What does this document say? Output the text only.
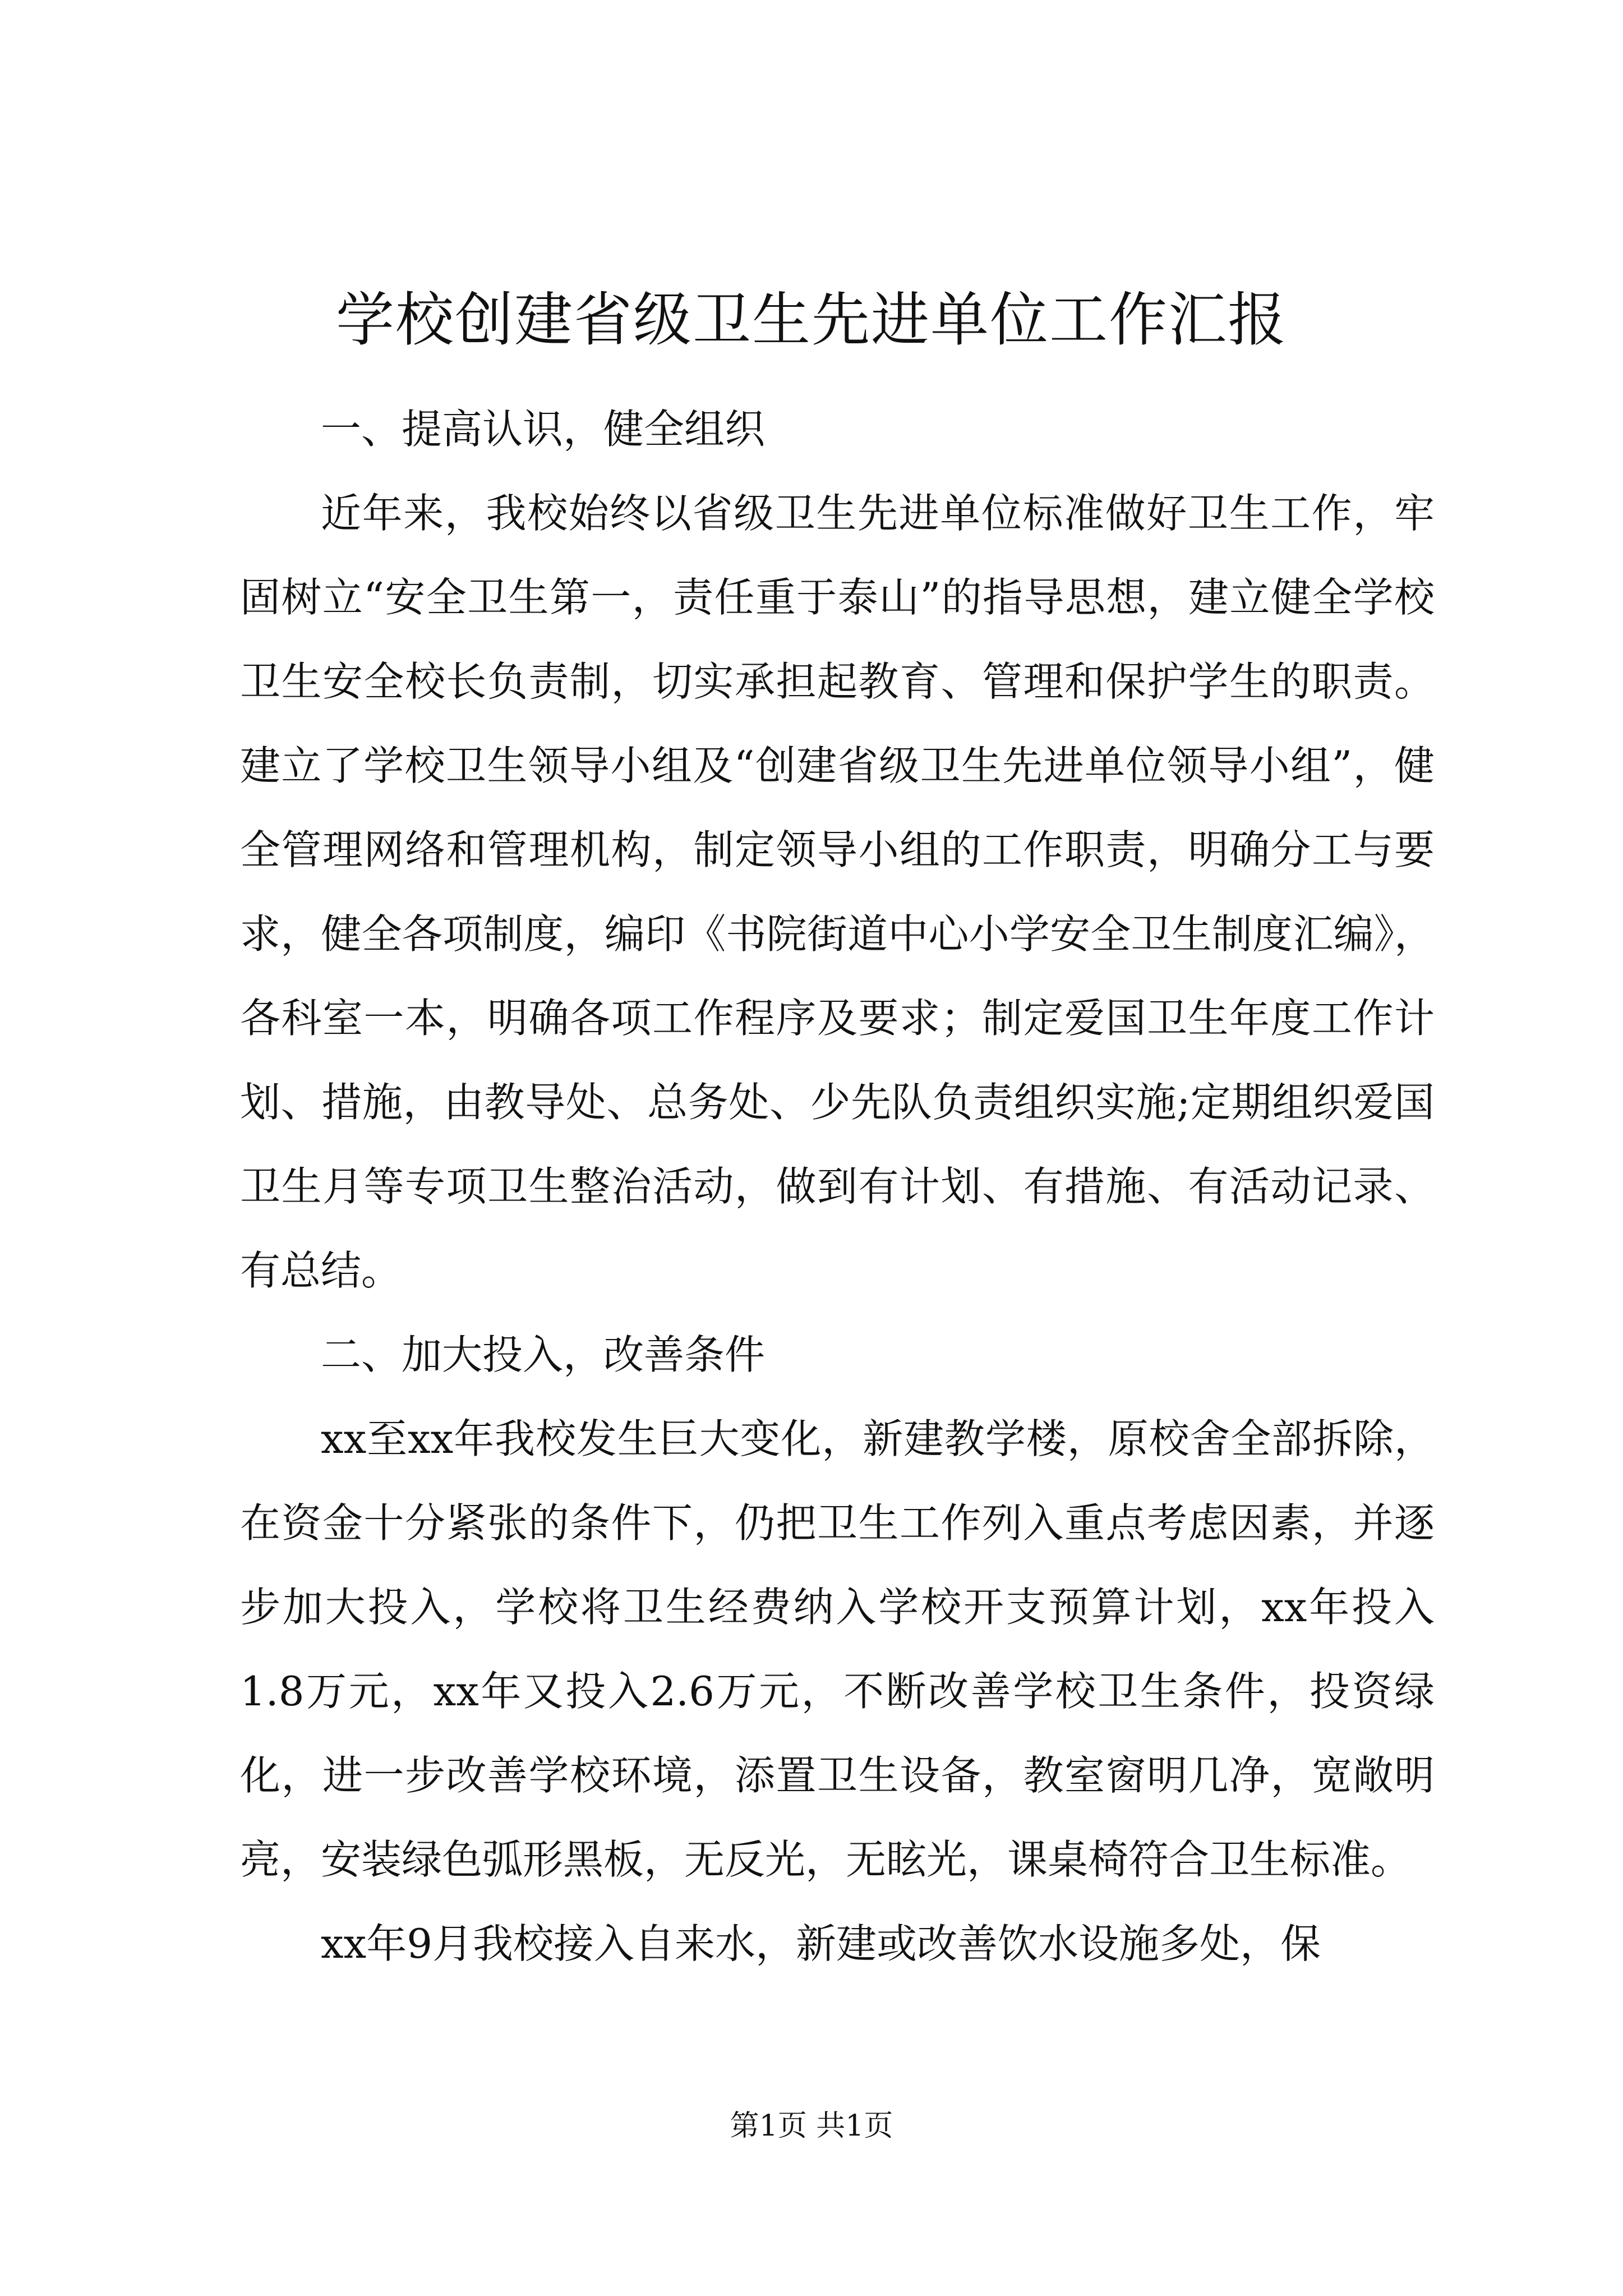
学校创建省级卫生先进单位工作汇报

一、提高认识，健全组织

近年来，我校始终以省级卫生先进单位标准做好卫生工作，牢固树立“安全卫生第一，责任重于泰山”的指导思想，建立健全学校卫生安全校长负责制，切实承担起教育、管理和保护学生的职责。建立了学校卫生领导小组及“创建省级卫生先进单位领导小组”，健全管理网络和管理机构，制定领导小组的工作职责，明确分工与要求，健全各项制度，编印《书院街道中心小学安全卫生制度汇编》，各科室一本，明确各项工作程序及要求；制定爱国卫生年度工作计划、措施，由教导处、总务处、少先队负责组织实施;定期组织爱国卫生月等专项卫生整治活动，做到有计划、有措施、有活动记录、有总结。

二、加大投入，改善条件

xx至xx年我校发生巨大变化，新建教学楼，原校舍全部拆除，在资金十分紧张的条件下，仍把卫生工作列入重点考虑因素，并逐步加大投入，学校将卫生经费纳入学校开支预算计划，xx年投入1.8万元，xx年又投入2.6万元，不断改善学校卫生条件，投资绿化，进一步改善学校环境，添置卫生设备，教室窗明几净，宽敞明亮，安装绿色弧形黑板，无反光，无眩光，课桌椅符合卫生标准。

xx年9月我校接入自来水，新建或改善饮水设施多处，保

第1页 共1页
